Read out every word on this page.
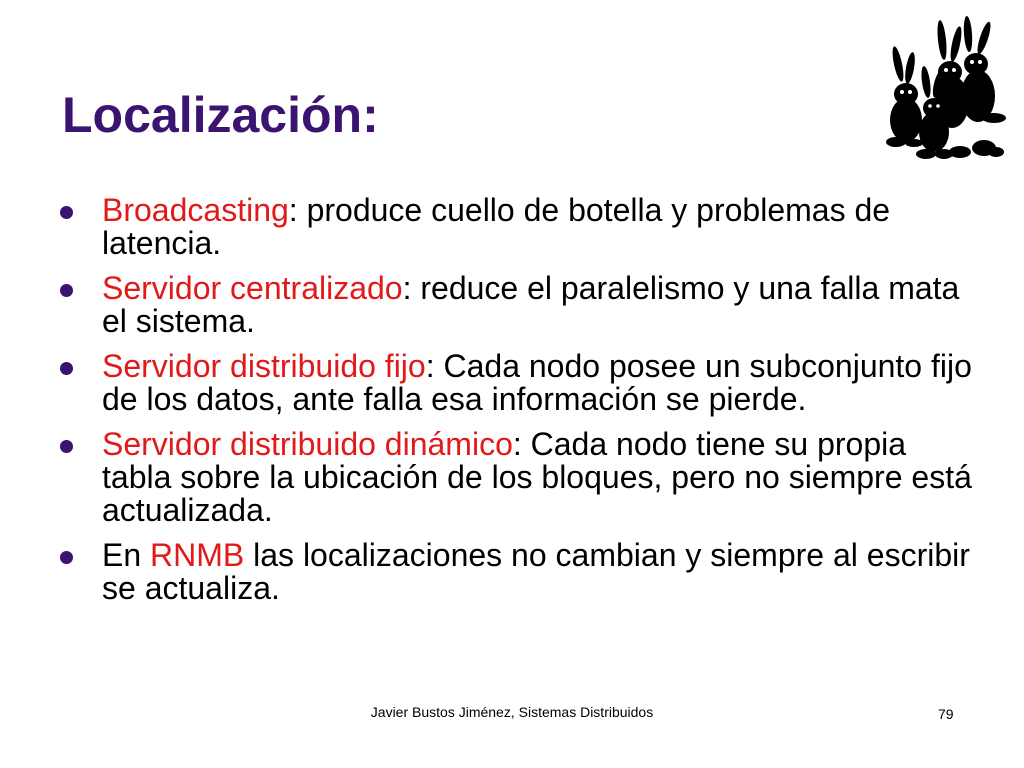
Localización:
Broadcasting: produce cuello de botella y problemas de latencia.
Servidor centralizado: reduce el paralelismo y una falla mata el sistema.
Servidor distribuido fijo: Cada nodo posee un subconjunto fijo de los datos, ante falla esa información se pierde.
Servidor distribuido dinámico: Cada nodo tiene su propia tabla sobre la ubicación de los bloques, pero no siempre está actualizada.
En RNMB las localizaciones no cambian y siempre al escribir se actualiza.
Javier Bustos Jiménez, Sistemas Distribuidos	79
